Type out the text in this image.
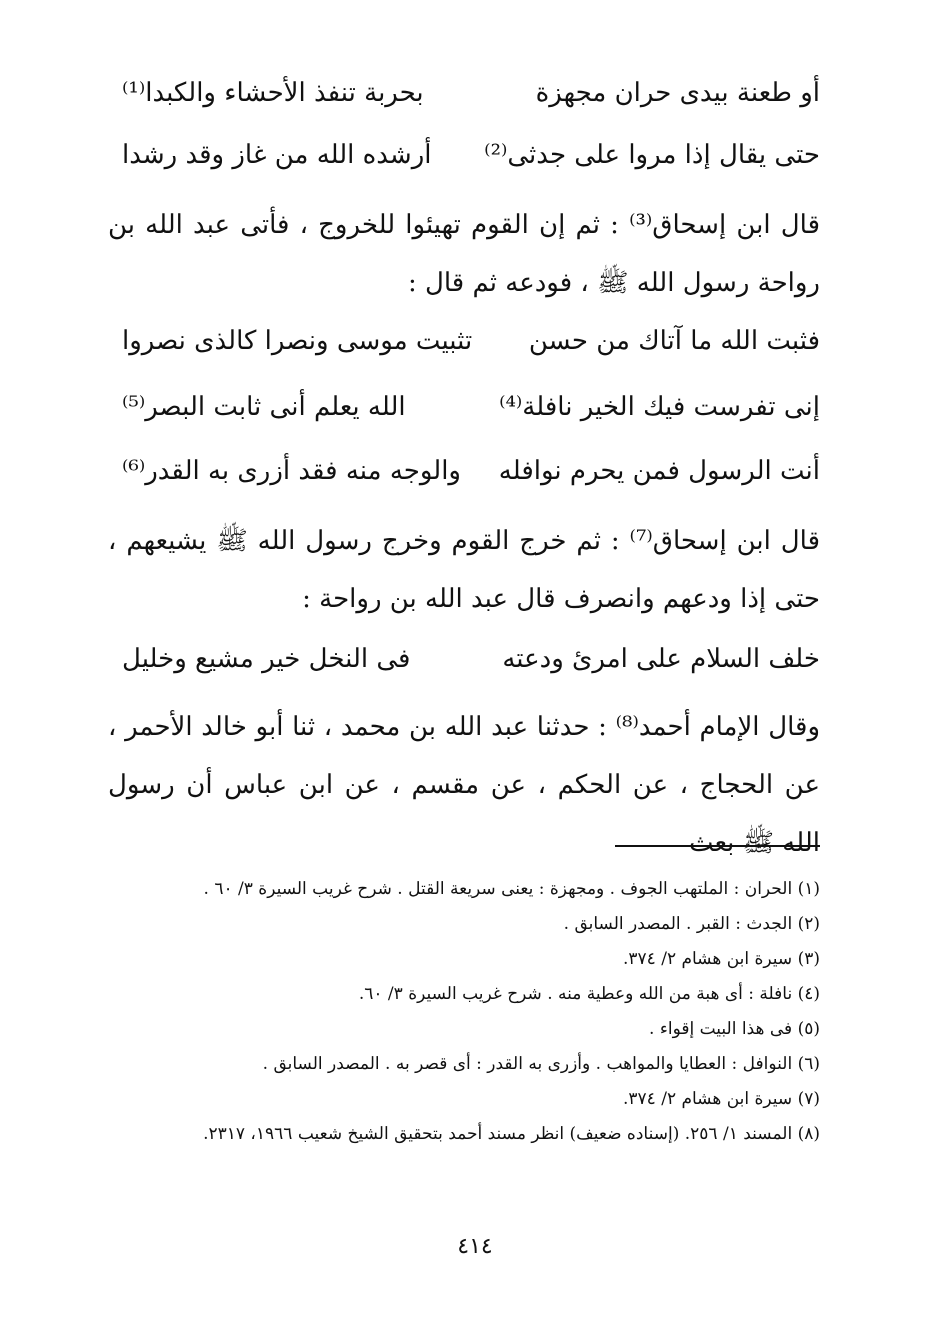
أو طعنة بيدى حران مجهزة
بحربة تنفذ الأحشاء والكبدا⁽¹⁾
حتى يقال إذا مروا على جدثى⁽²⁾
أرشده الله من غاز وقد رشدا

قال ابن إسحاق⁽³⁾ : ثم إن القوم تهيئوا للخروج ، فأتى عبد الله بن رواحة رسول الله ﷺ ، فودعه ثم قال :

فثبت الله ما آتاك من حسن
تثبيت موسى ونصرا كالذى نصروا
إنى تفرست فيك الخير نافلة⁽⁴⁾
الله يعلم أنى ثابت البصر⁽⁵⁾
أنت الرسول فمن يحرم نوافله
والوجه منه فقد أزرى به القدر⁽⁶⁾

قال ابن إسحاق⁽⁷⁾ : ثم خرج القوم وخرج رسول الله ﷺ يشيعهم ، حتى إذا ودعهم وانصرف قال عبد الله بن رواحة :

خلف السلام على امرئ ودعته
فى النخل خير مشيع وخليل

وقال الإمام أحمد⁽⁸⁾ : حدثنا عبد الله بن محمد ، ثنا أبو خالد الأحمر ، عن الحجاج ، عن الحكم ، عن مقسم ، عن ابن عباس أن رسول الله ﷺ بعث

(١) الحران : الملتهب الجوف . ومجهزة : يعنى سريعة القتل . شرح غريب السيرة ٣/ ٦٠ .
(٢) الجدث : القبر . المصدر السابق .
(٣) سيرة ابن هشام ٢/ ٣٧٤.
(٤) نافلة : أى هبة من الله وعطية منه . شرح غريب السيرة ٣/ ٦٠.
(٥) فى هذا البيت إقواء .
(٦) النوافل : العطايا والمواهب . وأزرى به القدر : أى قصر به . المصدر السابق .
(٧) سيرة ابن هشام ٢/ ٣٧٤.
(٨) المسند ١/ ٢٥٦. (إسناده ضعيف) انظر مسند أحمد بتحقيق الشيخ شعيب ١٩٦٦، ٢٣١٧.
٤١٤
